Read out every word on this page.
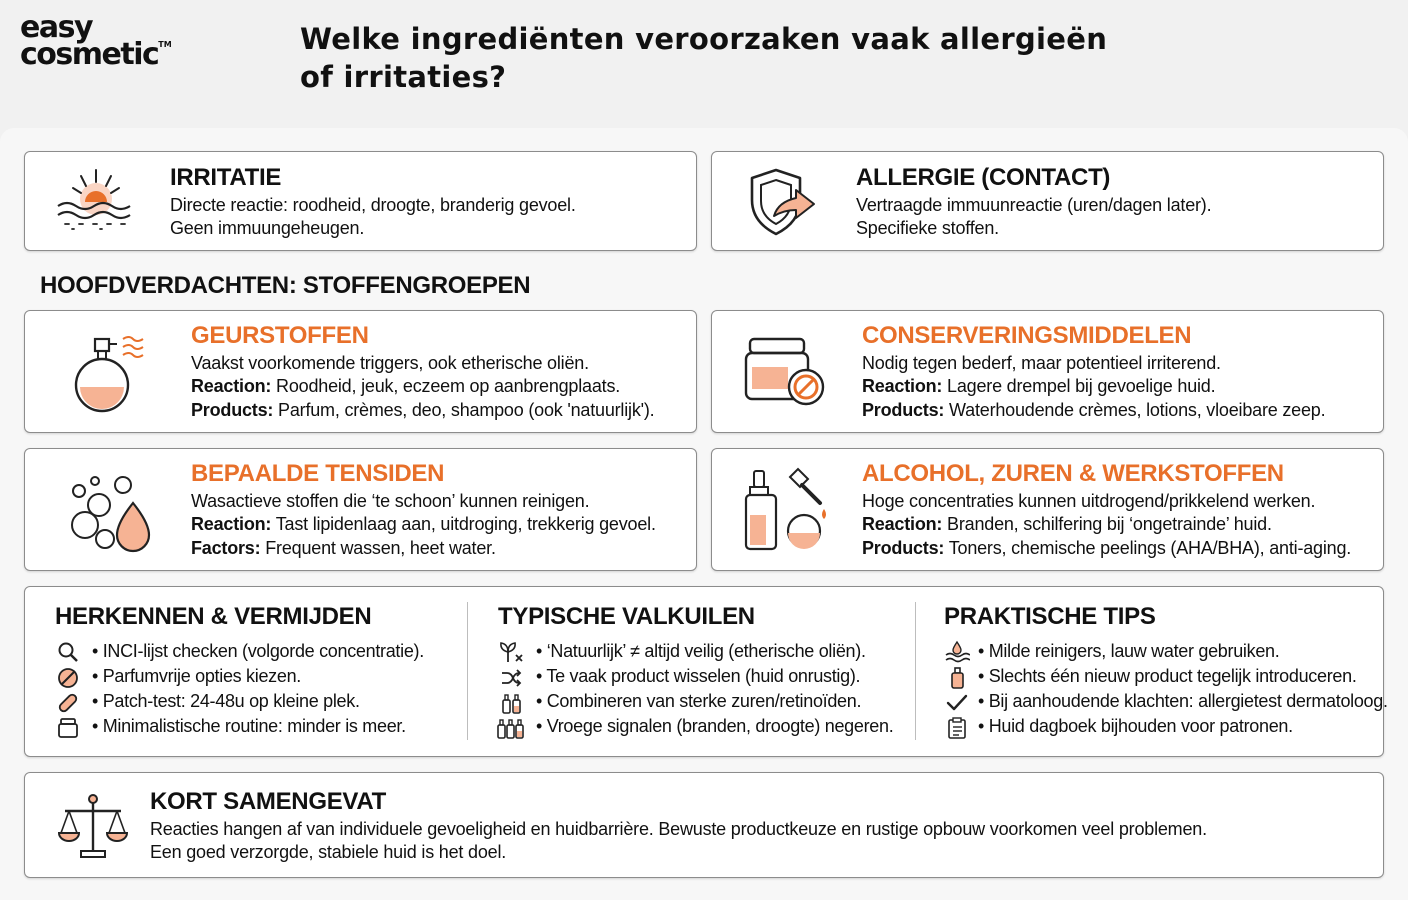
easy
cosmetic™	Welke ingrediënten veroorzaken vaak allergieën of irritaties?
IRRITATIE
Directe reactie: roodheid, droogte, branderig gevoel.
Geen immuungeheugen.
ALLERGIE (CONTACT)
Vertraagde immuunreactie (uren/dagen later).
Specifieke stoffen.
HOOFDVERDACHTEN: STOFFENGROEPEN
GEURSTOFFEN
Vaakst voorkomende triggers, ook etherische oliën.
Reaction: Roodheid, jeuk, eczeem op aanbrengplaats.
Products: Parfum, crèmes, deo, shampoo (ook 'natuurlijk').
CONSERVERINGSMIDDELEN
Nodig tegen bederf, maar potentieel irriterend.
Reaction: Lagere drempel bij gevoelige huid.
Products: Waterhoudende crèmes, lotions, vloeibare zeep.
BEPAALDE TENSIDEN
Wasactieve stoffen die ‘te schoon’ kunnen reinigen.
Reaction: Tast lipidenlaag aan, uitdroging, trekkerig gevoel.
Factors: Frequent wassen, heet water.
ALCOHOL, ZUREN & WERKSTOFFEN
Hoge concentraties kunnen uitdrogend/prikkelend werken.
Reaction: Branden, schilfering bij ‘ongetrainde’ huid.
Products: Toners, chemische peelings (AHA/BHA), anti-aging.
HERKENNEN & VERMIJDEN
• INCI-lijst checken (volgorde concentratie).
• Parfumvrije opties kiezen.
• Patch-test: 24-48u op kleine plek.
• Minimalistische routine: minder is meer.
TYPISCHE VALKUILEN
• ‘Natuurlijk’ ≠ altijd veilig (etherische oliën).
• Te vaak product wisselen (huid onrustig).
• Combineren van sterke zuren/retinoïden.
• Vroege signalen (branden, droogte) negeren.
PRAKTISCHE TIPS
• Milde reinigers, lauw water gebruiken.
• Slechts één nieuw product tegelijk introduceren.
• Bij aanhoudende klachten: allergietest dermatoloog.
• Huid dagboek bijhouden voor patronen.
KORT SAMENGEVAT
Reacties hangen af van individuele gevoeligheid en huidbarrière. Bewuste productkeuze en rustige opbouw voorkomen veel problemen.
Een goed verzorgde, stabiele huid is het doel.
